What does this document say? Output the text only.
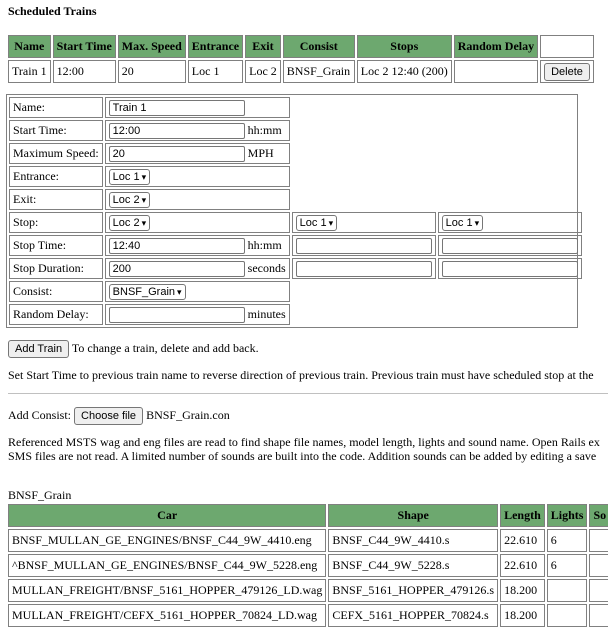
Scheduled Trains
Name	Start Time	Max. Speed	Entrance	Exit	Consist	Stops	Random Delay	
Train 1	12:00	20	Loc 1	Loc 2	BNSF_Grain	Loc 2 12:40 (200)		Delete
Name:	Train 1
Start Time:	12:00hh:mm
Maximum Speed:	20MPH
Entrance:	Loc 1 ▾		
Exit:	Loc 2 ▾		
Stop:	Loc 2 ▾	Loc 1 ▾	Loc 1 ▾
Stop Time:	12:40hh:mm		
Stop Duration:	200seconds		
Consist:	BNSF_Grain ▾		
Random Delay:	minutes		
Add Train To change a train, delete and add back.
Set Start Time to previous train name to reverse direction of previous train. Previous train must have scheduled stop at the
Add Consist: Choose file BNSF_Grain.con
Referenced MSTS wag and eng files are read to find shape file names, model length, lights and sound name. Open Rails ex
SMS files are not read. A limited number of sounds are built into the code. Addition sounds can be added by editing a save
BNSF_Grain
Car	Shape	Length	Lights	So
BNSF_MULLAN_GE_ENGINES/BNSF_C44_9W_4410.eng	BNSF_C44_9W_4410.s	22.610	6	
^BNSF_MULLAN_GE_ENGINES/BNSF_C44_9W_5228.eng	BNSF_C44_9W_5228.s	22.610	6	
MULLAN_FREIGHT/BNSF_5161_HOPPER_479126_LD.wag	BNSF_5161_HOPPER_479126.s	18.200		
MULLAN_FREIGHT/CEFX_5161_HOPPER_70824_LD.wag	CEFX_5161_HOPPER_70824.s	18.200		
